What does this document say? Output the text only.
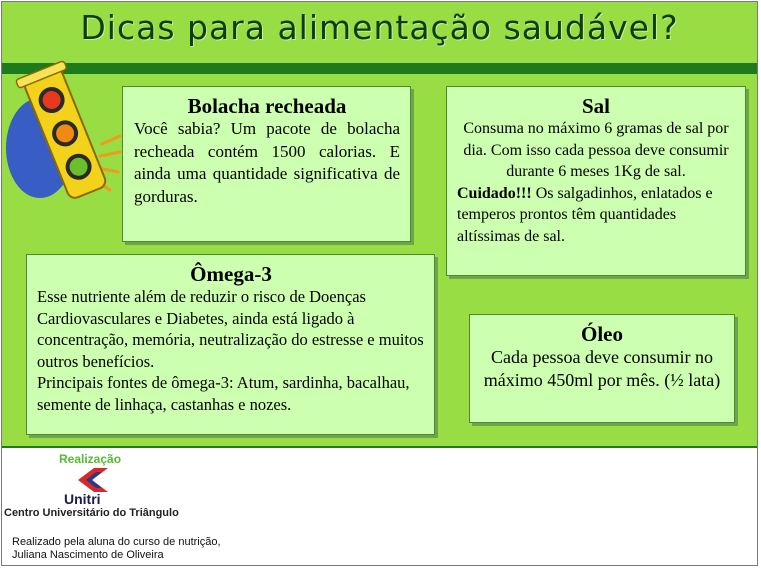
Dicas para alimentação saudável?
Bolacha recheada
Você sabia? Um pacote de bolacha recheada contém 1500 calorias. E ainda uma quantidade significativa de gorduras.
Sal
Consuma no máximo 6 gramas de sal por dia. Com isso cada pessoa deve consumir durante 6 meses 1Kg de sal.
Cuidado!!! Os salgadinhos, enlatados e temperos prontos têm quantidades altíssimas de sal.
Ômega-3
Esse nutriente além de reduzir o risco de Doenças Cardiovasculares e Diabetes, ainda está ligado à concentração, memória, neutralização do estresse e muitos outros benefícios.
Principais fontes de ômega-3: Atum, sardinha, bacalhau, semente de linhaça, castanhas e nozes.
Óleo
Cada pessoa deve consumir no máximo 450ml por mês. (½ lata)
Realização
Unitri
Centro Universitário do Triângulo
Realizado pela aluna do curso de nutrição,
Juliana Nascimento de Oliveira
